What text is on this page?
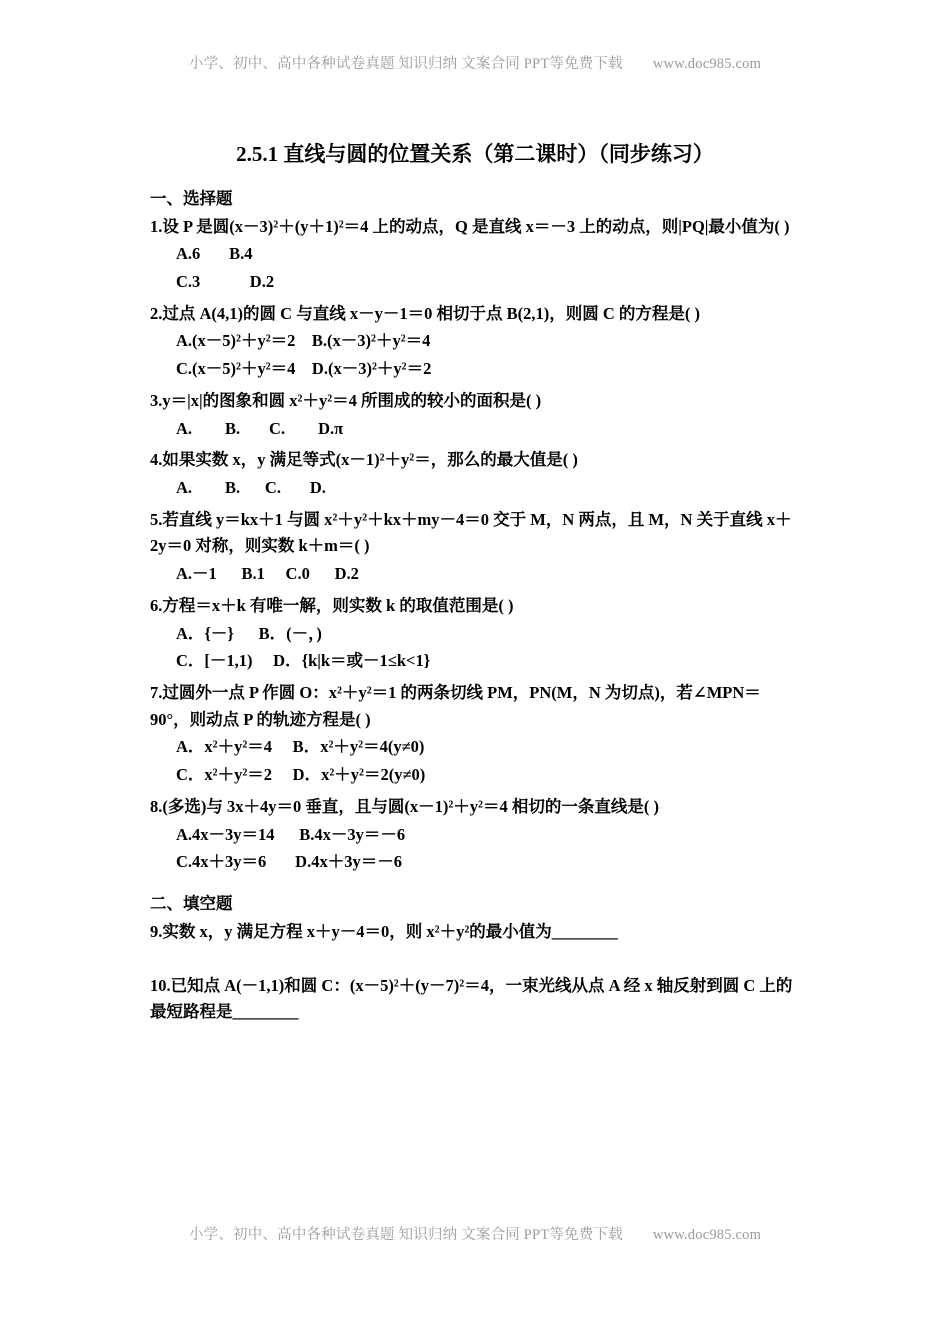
小学、初中、高中各种试卷真题 知识归纳 文案合同 PPT等免费下载 www.doc985.com
2.5.1 直线与圆的位置关系（第二课时）（同步练习）
一、选择题
1.设 P 是圆(x－3)²＋(y＋1)²＝4 上的动点，Q 是直线 x＝－3 上的动点，则|PQ|最小值为( )
A.6       B.4
C.3            D.2
2.过点 A(4,1)的圆 C 与直线 x－y－1＝0 相切于点 B(2,1)，则圆 C 的方程是( )
A.(x－5)²＋y²＝2    B.(x－3)²＋y²＝4
C.(x－5)²＋y²＝4    D.(x－3)²＋y²＝2
3.y＝|x|的图象和圆 x²＋y²＝4 所围成的较小的面积是( )
A.        B.       C.        D.π
4.如果实数 x，y 满足等式(x－1)²＋y²＝，那么的最大值是( )
A.        B.      C.       D.
5.若直线 y＝kx＋1 与圆 x²＋y²＋kx＋my－4＝0 交于 M，N 两点，且 M，N 关于直线 x＋2y＝0 对称，则实数 k＋m＝( )
A.－1      B.1     C.0      D.2
6.方程＝x＋k 有唯一解，则实数 k 的取值范围是( )
A．{－}      B．(－，)
C．[－1,1)     D．{k|k＝或－1≤k<1}
7.过圆外一点 P 作圆 O：x²＋y²＝1 的两条切线 PM，PN(M，N 为切点)，若∠MPN＝90°，则动点 P 的轨迹方程是( )
A．x²＋y²＝4     B．x²＋y²＝4(y≠0)
C．x²＋y²＝2     D．x²＋y²＝2(y≠0)
8.(多选)与 3x＋4y＝0 垂直，且与圆(x－1)²＋y²＝4 相切的一条直线是( )
A.4x－3y＝14      B.4x－3y＝－6
C.4x＋3y＝6       D.4x＋3y＝－6
二、填空题
9.实数 x，y 满足方程 x＋y－4＝0，则 x²＋y²的最小值为________
10.已知点 A(－1,1)和圆 C：(x－5)²＋(y－7)²＝4，一束光线从点 A 经 x 轴反射到圆 C 上的最短路程是________
小学、初中、高中各种试卷真题 知识归纳 文案合同 PPT等免费下载 www.doc985.com
